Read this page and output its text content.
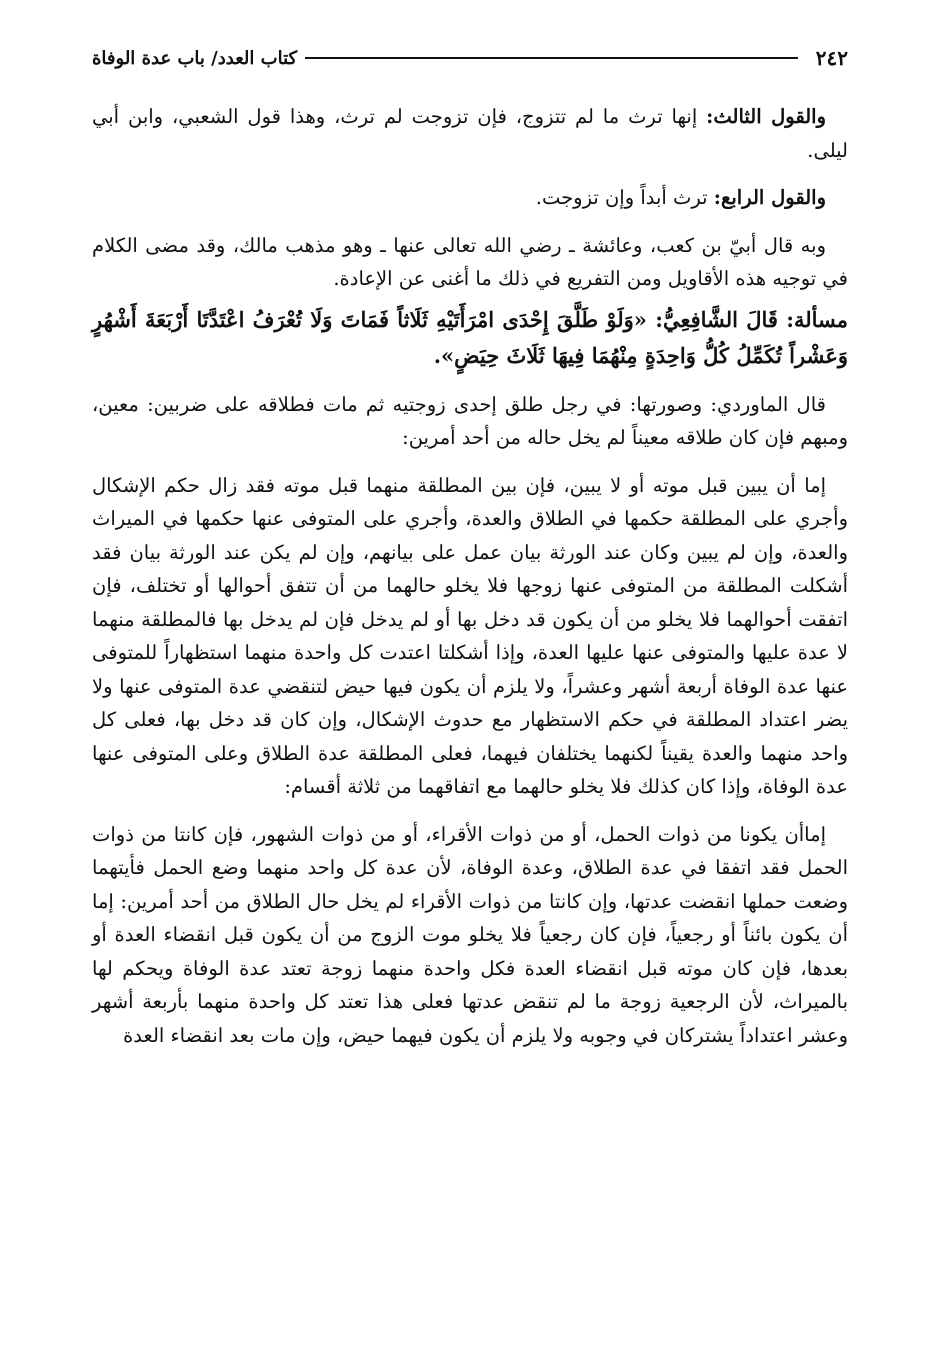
٢٤٢
كتاب العدد/ باب عدة الوفاة

والقول الثالث: إنها ترث ما لم تتزوج، فإن تزوجت لم ترث، وهذا قول الشعبي، وابن أبي ليلى.

والقول الرابع: ترث أبداً وإن تزوجت.

وبه قال أبيّ بن كعب، وعائشة ـ رضي الله تعالى عنها ـ وهو مذهب مالك، وقد مضى الكلام في توجيه هذه الأقاويل ومن التفريع في ذلك ما أغنى عن الإعادة.

مسألة: قَالَ الشَّافِعِيُّ: «وَلَوْ طَلَّقَ إِحْدَى امْرَأَتَيْهِ ثَلَاثاً فَمَاتَ وَلَا تُعْرَفُ اعْتَدَّتَا أَرْبَعَةَ أَشْهُرٍ وَعَشْراً تُكَمِّلُ كُلُّ وَاحِدَةٍ مِنْهُمَا فِيهَا ثَلَاثَ حِيَضٍ».

قال الماوردي: وصورتها: في رجل طلق إحدى زوجتيه ثم مات فطلاقه على ضربين: معين، ومبهم فإن كان طلاقه معيناً لم يخل حاله من أحد أمرين:

إما أن يبين قبل موته أو لا يبين، فإن بين المطلقة منهما قبل موته فقد زال حكم الإشكال وأجري على المطلقة حكمها في الطلاق والعدة، وأجري على المتوفى عنها حكمها في الميراث والعدة، وإن لم يبين وكان عند الورثة بيان عمل على بيانهم، وإن لم يكن عند الورثة بيان فقد أشكلت المطلقة من المتوفى عنها زوجها فلا يخلو حالهما من أن تتفق أحوالها أو تختلف، فإن اتفقت أحوالهما فلا يخلو من أن يكون قد دخل بها أو لم يدخل فإن لم يدخل بها فالمطلقة منهما لا عدة عليها والمتوفى عنها عليها العدة، وإذا أشكلتا اعتدت كل واحدة منهما استظهاراً للمتوفى عنها عدة الوفاة أربعة أشهر وعشراً، ولا يلزم أن يكون فيها حيض لتنقضي عدة المتوفى عنها ولا يضر اعتداد المطلقة في حكم الاستظهار مع حدوث الإشكال، وإن كان قد دخل بها، فعلى كل واحد منهما والعدة يقيناً لكنهما يختلفان فيهما، فعلى المطلقة عدة الطلاق وعلى المتوفى عنها عدة الوفاة، وإذا كان كذلك فلا يخلو حالهما مع اتفاقهما من ثلاثة أقسام:

إماأن يكونا من ذوات الحمل، أو من ذوات الأقراء، أو من ذوات الشهور، فإن كانتا من ذوات الحمل فقد اتفقا في عدة الطلاق، وعدة الوفاة، لأن عدة كل واحد منهما وضع الحمل فأيتهما وضعت حملها انقضت عدتها، وإن كانتا من ذوات الأقراء لم يخل حال الطلاق من أحد أمرين: إما أن يكون بائناً أو رجعياً، فإن كان رجعياً فلا يخلو موت الزوج من أن يكون قبل انقضاء العدة أو بعدها، فإن كان موته قبل انقضاء العدة فكل واحدة منهما زوجة تعتد عدة الوفاة ويحكم لها بالميراث، لأن الرجعية زوجة ما لم تنقض عدتها فعلى هذا تعتد كل واحدة منهما بأربعة أشهر وعشر اعتداداً يشتركان في وجوبه ولا يلزم أن يكون فيهما حيض، وإن مات بعد انقضاء العدة
